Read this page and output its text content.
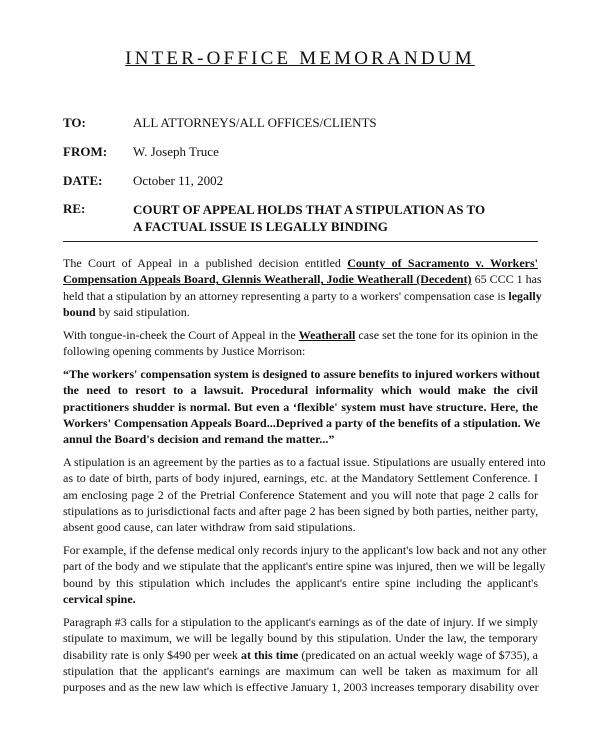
INTER-OFFICE MEMORANDUM
TO:	ALL ATTORNEYS/ALL OFFICES/CLIENTS
FROM:	W. Joseph Truce
DATE:	October 11, 2002
RE:	COURT OF APPEAL HOLDS THAT A STIPULATION AS TO
A FACTUAL ISSUE IS LEGALLY BINDING
The Court of Appeal in a published decision entitled County of Sacramento v. Workers'
Compensation Appeals Board, Glennis Weatherall, Jodie Weatherall (Decedent) 65 CCC 1 has
held that a stipulation by an attorney representing a party to a workers' compensation case is legally
bound by said stipulation.
With tongue-in-cheek the Court of Appeal in the Weatherall case set the tone for its opinion in the
following opening comments by Justice Morrison:
“The workers' compensation system is designed to assure benefits to injured workers without
the need to resort to a lawsuit. Procedural informality which would make the civil
practitioners shudder is normal. But even a ‘flexible' system must have structure. Here, the
Workers' Compensation Appeals Board...Deprived a party of the benefits of a stipulation. We
annul the Board's decision and remand the matter...”
A stipulation is an agreement by the parties as to a factual issue. Stipulations are usually entered into
as to date of birth, parts of body injured, earnings, etc. at the Mandatory Settlement Conference. I
am enclosing page 2 of the Pretrial Conference Statement and you will note that page 2 calls for
stipulations as to jurisdictional facts and after page 2 has been signed by both parties, neither party,
absent good cause, can later withdraw from said stipulations.
For example, if the defense medical only records injury to the applicant's low back and not any other
part of the body and we stipulate that the applicant's entire spine was injured, then we will be legally
bound by this stipulation which includes the applicant's entire spine including the applicant's
cervical spine.
Paragraph #3 calls for a stipulation to the applicant's earnings as of the date of injury. If we simply
stipulate to maximum, we will be legally bound by this stipulation. Under the law, the temporary
disability rate is only $490 per week at this time (predicated on an actual weekly wage of $735), a
stipulation that the applicant's earnings are maximum can well be taken as maximum for all
purposes and as the new law which is effective January 1, 2003 increases temporary disability over
